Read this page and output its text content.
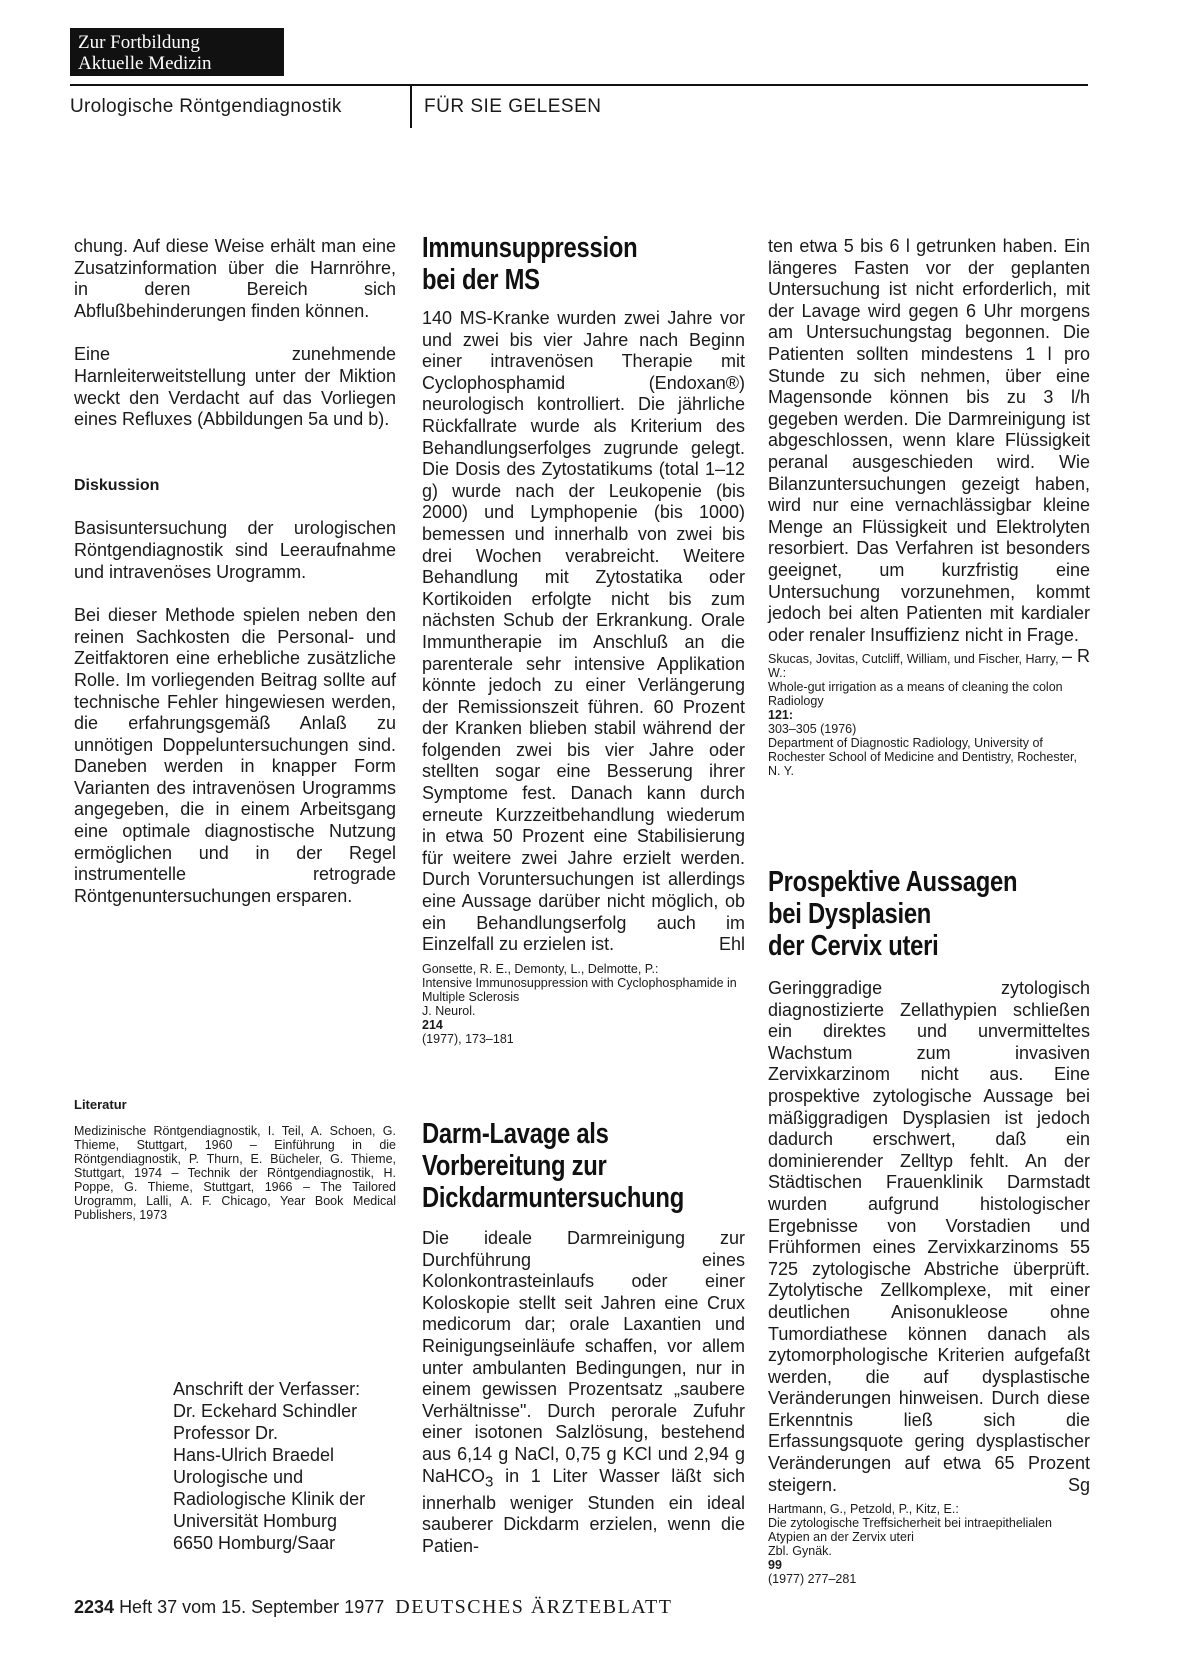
Zur Fortbildung
Aktuelle Medizin
Urologische Röntgendiagnostik	FÜR SIE GELESEN

chung. Auf diese Weise erhält man eine Zusatzinformation über die Harnröhre, in deren Bereich sich Abflußbehinderungen finden können.

Eine zunehmende Harnleiterweitstellung unter der Miktion weckt den Verdacht auf das Vorliegen eines Refluxes (Abbildungen 5a und b).

Diskussion

Basisuntersuchung der urologischen Röntgendiagnostik sind Leeraufnahme und intravenöses Urogramm.

Bei dieser Methode spielen neben den reinen Sachkosten die Personal- und Zeitfaktoren eine erhebliche zusätzliche Rolle. Im vorliegenden Beitrag sollte auf technische Fehler hingewiesen werden, die erfahrungsgemäß Anlaß zu unnötigen Doppeluntersuchungen sind. Daneben werden in knapper Form Varianten des intravenösen Urogramms angegeben, die in einem Arbeitsgang eine optimale diagnostische Nutzung ermöglichen und in der Regel instrumentelle retrograde Röntgenuntersuchungen ersparen.

Literatur
Medizinische Röntgendiagnostik, I. Teil, A. Schoen, G. Thieme, Stuttgart, 1960 – Einführung in die Röntgendiagnostik, P. Thurn, E. Bücheler, G. Thieme, Stuttgart, 1974 – Technik der Röntgendiagnostik, H. Poppe, G. Thieme, Stuttgart, 1966 – The Tailored Urogramm, Lalli, A. F. Chicago, Year Book Medical Publishers, 1973
Anschrift der Verfasser:
Dr. Eckehard Schindler
Professor Dr.
Hans-Ulrich Braedel
Urologische und
Radiologische Klinik der
Universität Homburg
6650 Homburg/Saar
Immunsuppression
bei der MS

140 MS-Kranke wurden zwei Jahre vor und zwei bis vier Jahre nach Beginn einer intravenösen Therapie mit Cyclophosphamid (Endoxan®) neurologisch kontrolliert. Die jährliche Rückfallrate wurde als Kriterium des Behandlungserfolges zugrunde gelegt. Die Dosis des Zytostatikums (total 1–12 g) wurde nach der Leukopenie (bis 2000) und Lymphopenie (bis 1000) bemessen und innerhalb von zwei bis drei Wochen verabreicht. Weitere Behandlung mit Zytostatika oder Kortikoiden erfolgte nicht bis zum nächsten Schub der Erkrankung. Orale Immuntherapie im Anschluß an die parenterale sehr intensive Applikation könnte jedoch zu einer Verlängerung der Remissionszeit führen. 60 Prozent der Kranken blieben stabil während der folgenden zwei bis vier Jahre oder stellten sogar eine Besserung ihrer Symptome fest. Danach kann durch erneute Kurzzeitbehandlung wiederum in etwa 50 Prozent eine Stabilisierung für weitere zwei Jahre erzielt werden. Durch Voruntersuchungen ist allerdings eine Aussage darüber nicht möglich, ob ein Behandlungserfolg auch im Einzelfall zu erzielen ist.	Ehl

Gonsette, R. E., Demonty, L., Delmotte, P.:
Intensive Immunosuppression with Cyclophosphamide in Multiple Sclerosis
J. Neurol.
214
(1977), 173–181
Darm-Lavage als
Vorbereitung zur
Dickdarmuntersuchung

Die ideale Darmreinigung zur Durchführung eines Kolonkontrasteinlaufs oder einer Koloskopie stellt seit Jahren eine Crux medicorum dar; orale Laxantien und Reinigungseinläufe schaffen, vor allem unter ambulanten Bedingungen, nur in einem gewissen Prozentsatz „saubere Verhältnisse". Durch perorale Zufuhr einer isotonen Salzlösung, bestehend aus 6,14 g NaCl, 0,75 g KCl und 2,94 g NaHCO$_3$ in 1 Liter Wasser läßt sich innerhalb weniger Stunden ein ideal sauberer Dickdarm erzielen, wenn die Patien-

ten etwa 5 bis 6 l getrunken haben. Ein längeres Fasten vor der geplanten Untersuchung ist nicht erforderlich, mit der Lavage wird gegen 6 Uhr morgens am Untersuchungstag begonnen. Die Patienten sollten mindestens 1 l pro Stunde zu sich nehmen, über eine Magensonde können bis zu 3 l/h gegeben werden. Die Darmreinigung ist abgeschlossen, wenn klare Flüssigkeit peranal ausgeschieden wird. Wie Bilanzuntersuchungen gezeigt haben, wird nur eine vernachlässigbar kleine Menge an Flüssigkeit und Elektrolyten resorbiert. Das Verfahren ist besonders geeignet, um kurzfristig eine Untersuchung vorzunehmen, kommt jedoch bei alten Patienten mit kardialer oder renaler Insuffizienz nicht in Frage.
– R

Skucas, Jovitas, Cutcliff, William, und Fischer, Harry, W.:
Whole-gut irrigation as a means of cleaning the colon
Radiology
121:
303–305 (1976)
Department of Diagnostic Radiology, University of Rochester School of Medicine and Dentistry, Rochester, N. Y.
Prospektive Aussagen
bei Dysplasien
der Cervix uteri

Geringgradige zytologisch diagnostizierte Zellathypien schließen ein direktes und unvermitteltes Wachstum zum invasiven Zervixkarzinom nicht aus. Eine prospektive zytologische Aussage bei mäßiggradigen Dysplasien ist jedoch dadurch erschwert, daß ein dominierender Zelltyp fehlt. An der Städtischen Frauenklinik Darmstadt wurden aufgrund histologischer Ergebnisse von Vorstadien und Frühformen eines Zervixkarzinoms 55 725 zytologische Abstriche überprüft. Zytolytische Zellkomplexe, mit einer deutlichen Anisonukleose ohne Tumordiathese können danach als zytomorphologische Kriterien aufgefaßt werden, die auf dysplastische Veränderungen hinweisen. Durch diese Erkenntnis ließ sich die Erfassungsquote gering dysplastischer Veränderungen auf etwa 65 Prozent steigern.	Sg

Hartmann, G., Petzold, P., Kitz, E.:
Die zytologische Treffsicherheit bei intraepithelialen Atypien an der Zervix uteri
Zbl. Gynäk.
99
(1977) 277–281
2234 Heft 37 vom 15. September 1977 DEUTSCHES ÄRZTEBLATT
